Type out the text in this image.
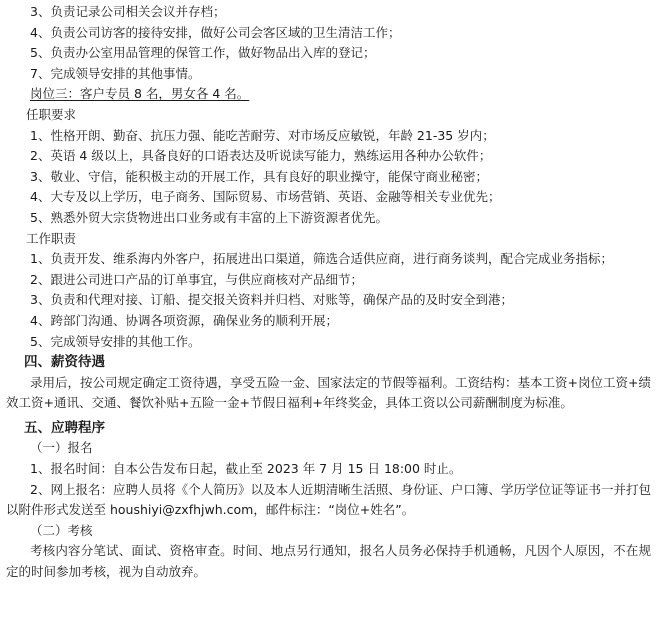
3、负责记录公司相关会议并存档；
4、负责公司访客的接待安排，做好公司会客区域的卫生清洁工作；
5、负责办公室用品管理的保管工作，做好物品出入库的登记；
7、完成领导安排的其他事情。
岗位三：客户专员 8 名，男女各 4 名。
任职要求
1、性格开朗、勤奋、抗压力强、能吃苦耐劳、对市场反应敏锐，年龄 21-35 岁内；
2、英语 4 级以上，具备良好的口语表达及听说读写能力，熟练运用各种办公软件；
3、敬业、守信，能积极主动的开展工作，具有良好的职业操守，能保守商业秘密；
4、大专及以上学历，电子商务、国际贸易、市场营销、英语、金融等相关专业优先；
5、熟悉外贸大宗货物进出口业务或有丰富的上下游资源者优先。
工作职责
1、负责开发、维系海内外客户，拓展进出口渠道，筛选合适供应商，进行商务谈判，配合完成业务指标；
2、跟进公司进口产品的订单事宜，与供应商核对产品细节；
3、负责和代理对接、订船、提交报关资料并归档、对账等，确保产品的及时安全到港；
4、跨部门沟通、协调各项资源，确保业务的顺利开展；
5、完成领导安排的其他工作。
四、薪资待遇
录用后，按公司规定确定工资待遇，享受五险一金、国家法定的节假等福利。工资结构：基本工资+岗位工资+绩效工资+通讯、交通、餐饮补贴+五险一金+节假日福利+年终奖金，具体工资以公司薪酬制度为标准。
五、应聘程序
（一）报名
1、报名时间：自本公告发布日起，截止至 2023 年 7 月 15 日 18:00 时止。
2、网上报名：应聘人员将《个人简历》以及本人近期清晰生活照、身份证、户口簿、学历学位证等证书一并打包以附件形式发送至 houshiyi@zxfhjwh.com，邮件标注：“岗位+姓名”。
（二）考核
考核内容分笔试、面试、资格审查。时间、地点另行通知，报名人员务必保持手机通畅，凡因个人原因，不在规定的时间参加考核，视为自动放弃。
